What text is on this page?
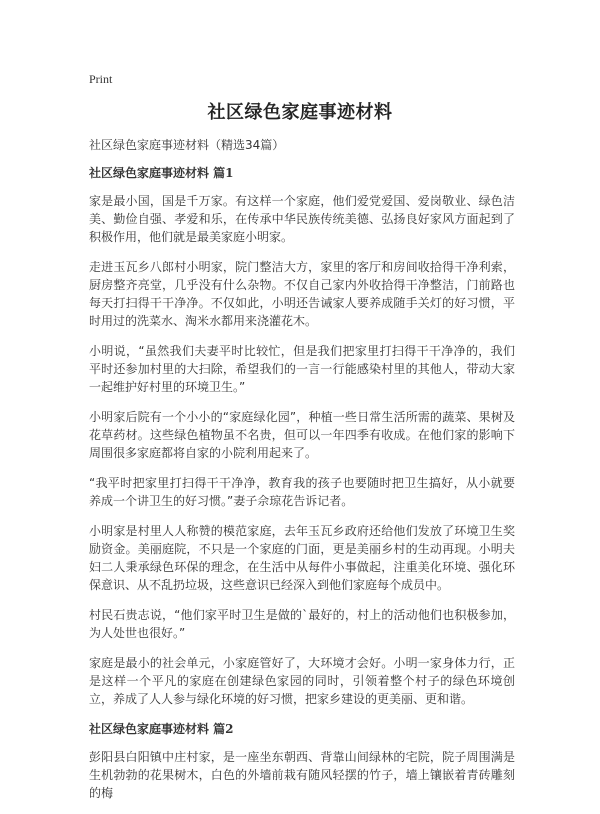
Print
社区绿色家庭事迹材料
社区绿色家庭事迹材料（精选34篇）
社区绿色家庭事迹材料 篇1

家是最小国，国是千万家。有这样一个家庭，他们爱党爱国、爱岗敬业、绿色洁美、勤俭自强、孝爱和乐，在传承中华民族传统美德、弘扬良好家风方面起到了积极作用，他们就是最美家庭小明家。

走进玉瓦乡八郎村小明家，院门整洁大方，家里的客厅和房间收拾得干净利索，厨房整齐亮堂，几乎没有什么杂物。不仅自己家内外收拾得干净整洁，门前路也每天打扫得干干净净。不仅如此，小明还告诫家人要养成随手关灯的好习惯，平时用过的洗菜水、淘米水都用来浇灌花木。

小明说，“虽然我们夫妻平时比较忙，但是我们把家里打扫得干干净净的，我们平时还参加村里的大扫除，希望我们的一言一行能感染村里的其他人，带动大家一起维护好村里的环境卫生。”

小明家后院有一个小小的“家庭绿化园”，种植一些日常生活所需的蔬菜、果树及花草药材。这些绿色植物虽不名贵，但可以一年四季有收成。在他们家的影响下周围很多家庭都将自家的小院利用起来了。

“我平时把家里打扫得干干净净，教育我的孩子也要随时把卫生搞好，从小就要养成一个讲卫生的好习惯。”妻子佘琼花告诉记者。

小明家是村里人人称赞的模范家庭，去年玉瓦乡政府还给他们发放了环境卫生奖励资金。美丽庭院，不只是一个家庭的门面，更是美丽乡村的生动再现。小明夫妇二人秉承绿色环保的理念，在生活中从每件小事做起，注重美化环境、强化环保意识、从不乱扔垃圾，这些意识已经深入到他们家庭每个成员中。

村民石贵志说，“他们家平时卫生是做的`最好的，村上的活动他们也积极参加，为人处世也很好。”

家庭是最小的社会单元，小家庭管好了，大环境才会好。小明一家身体力行，正是这样一个平凡的家庭在创建绿色家园的同时，引领着整个村子的绿色环境创立，养成了人人参与绿化环境的好习惯，把家乡建设的更美丽、更和谐。

社区绿色家庭事迹材料 篇2

彭阳县白阳镇中庄村家，是一座坐东朝西、背靠山间绿林的宅院，院子周围满是生机勃勃的花果树木，白色的外墙前栽有随风轻摆的竹子，墙上镶嵌着青砖雕刻的梅
